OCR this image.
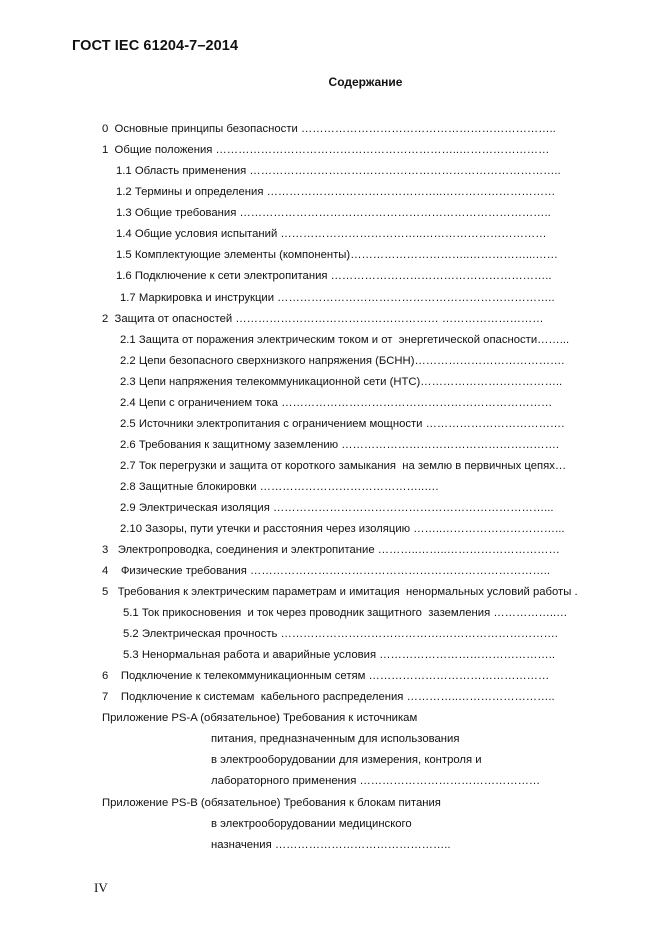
ГОСТ IEC 61204-7–2014
Содержание
0  Основные принципы безопасности …………………………………………………………..
1  Общие положения ………………………………………………………..……………………
1.1 Область применения ………………………………………………………………………..
1.2 Термины и определения ………………………………………..…………………………
1.3 Общие требования ………………………………………………………………………..
1.4 Общие условия испытаний ………………………………..……………………………
1.5 Комплектующие элементы (компоненты)…………………………..……………...……
1.6 Подключение к сети электропитания …………………………………………………..
1.7 Маркировка и инструкции ………………………………………………………………..
2  Защита от опасностей ……………………………………………… ………………………
2.1 Защита от поражения электрическим током и от  энергетической опасности……...
2.2 Цепи безопасного сверхнизкого напряжения (БСНН)………………………………….
2.3 Цепи напряжения телекоммуникационной сети (НТС)………………………………..
2.4 Цепи с ограничением тока ………………………………………………………………
2.5 Источники электропитания с ограничением мощности ……………………………….
2.6 Требования к защитному заземлению ………………………………………………….
2.7 Ток перегрузки и защита от короткого замыкания  на землю в первичных цепях…
2.8 Защитные блокировки ……………………………………..….
2.9 Электрическая изоляция ………………………………………………………………...
2.10 Зазоры, пути утечки и расстояния через изоляцию ……..…………………………...
3   Электропроводка, соединения и электропитание ………..……..…………………………
4    Физические требования ……………………………………………………………………..
5   Требования к электрическим параметрам и имитация  ненормальных условий работы .
5.1 Ток прикосновения  и ток через проводник защитного  заземления ……………..…
5.2 Электрическая прочность …………………………………….………………………….
5.3 Ненормальная работа и аварийные условия ………………………………………..
6    Подключение к телекоммуникационным сетям …………………………………………
7    Подключение к системам  кабельного распределения …………..……………………..
Приложение PS-A (обязательное) Требования к источникам
питания, предназначенным для использования
в электрооборудовании для измерения, контроля и
лабораторного применения …………………………………………
Приложение PS-B (обязательное) Требования к блокам питания
в электрооборудовании медицинского
назначения ………………………………………..
IV
